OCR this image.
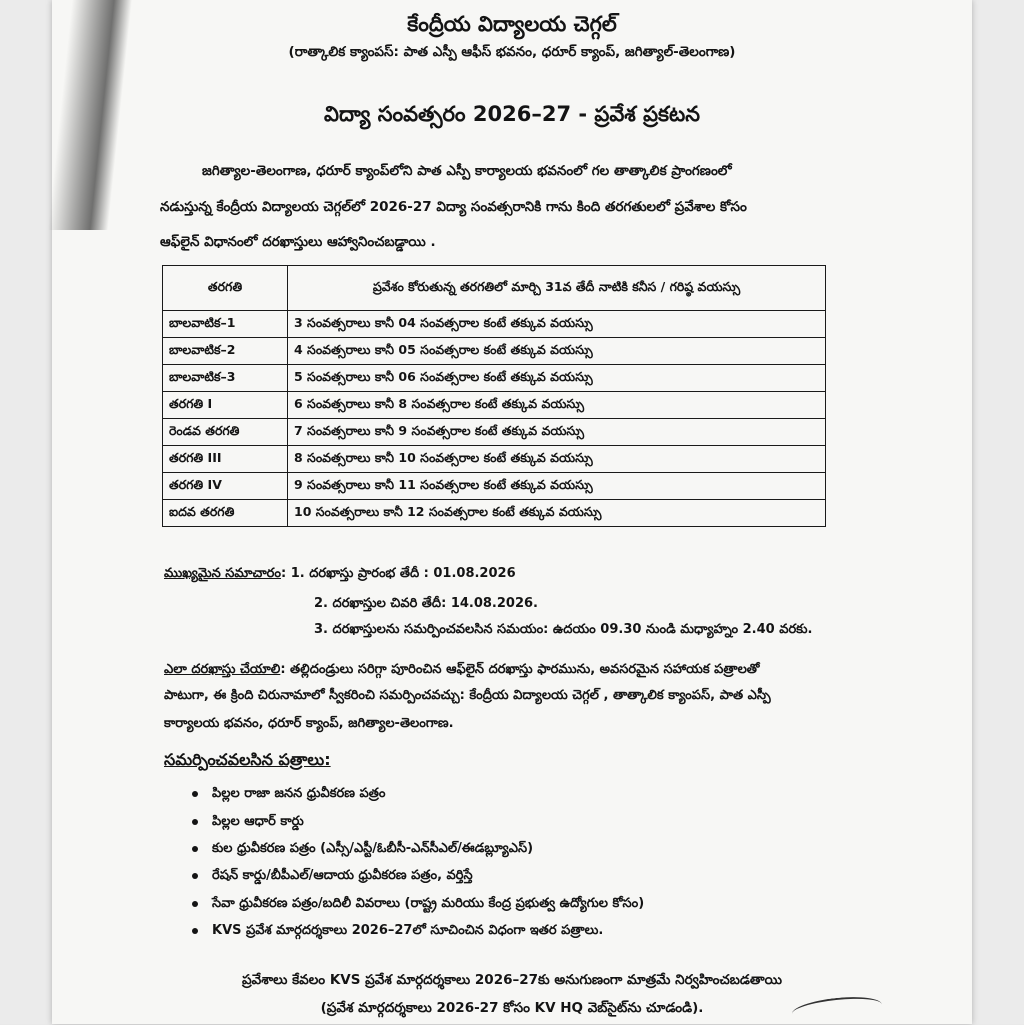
కేంద్రీయ విద్యాలయ చెగ్గల్
(రాత్కాలిక క్యాంపస్: పాత ఎస్పీ ఆఫీస్ భవనం, ధరూర్ క్యాంప్, జగిత్యాల్-తెలంగాణ)
విద్యా సంవత్సరం 2026–27 - ప్రవేశ ప్రకటన
జగిత్యాల-తెలంగాణ, ధరూర్ క్యాంప్‌లోని పాత ఎస్పీ కార్యాలయ భవనంలో గల తాత్కాలిక ప్రాంగణంలో
నడుస్తున్న కేంద్రీయ విద్యాలయ చెగ్గల్‌లో 2026-27 విద్యా సంవత్సరానికి గాను కింది తరగతులలో ప్రవేశాల కోసం
ఆఫ్‌లైన్ విధానంలో దరఖాస్తులు ఆహ్వానించబడ్డాయి .
తరగతి	ప్రవేశం కోరుతున్న తరగతిలో మార్చి 31వ తేదీ నాటికి కనీస / గరిష్ఠ వయస్సు
బాలవాటిక–1	3 సంవత్సరాలు కానీ 04 సంవత్సరాల కంటే తక్కువ వయస్సు
బాలవాటిక–2	4 సంవత్సరాలు కానీ 05 సంవత్సరాల కంటే తక్కువ వయస్సు
బాలవాటిక–3	5 సంవత్సరాలు కానీ 06 సంవత్సరాల కంటే తక్కువ వయస్సు
తరగతి I	6 సంవత్సరాలు కానీ 8 సంవత్సరాల కంటే తక్కువ వయస్సు
రెండవ తరగతి	7 సంవత్సరాలు కానీ 9 సంవత్సరాల కంటే తక్కువ వయస్సు
తరగతి III	8 సంవత్సరాలు కానీ 10 సంవత్సరాల కంటే తక్కువ వయస్సు
తరగతి IV	9 సంవత్సరాలు కానీ 11 సంవత్సరాల కంటే తక్కువ వయస్సు
ఐదవ తరగతి	10 సంవత్సరాలు కానీ 12 సంవత్సరాల కంటే తక్కువ వయస్సు
ముఖ్యమైన సమాచారం: 1. దరఖాస్తు ప్రారంభ తేదీ : 01.08.2026
2. దరఖాస్తుల చివరి తేదీ: 14.08.2026.
3. దరఖాస్తులను సమర్పించవలసిన సమయం: ఉదయం 09.30 నుండి మధ్యాహ్నం 2.40 వరకు.
ఎలా దరఖాస్తు చేయాలి: తల్లిదండ్రులు సరిగ్గా పూరించిన ఆఫ్‌లైన్ దరఖాస్తు ఫారమును, అవసరమైన సహాయక పత్రాలతో
పాటుగా, ఈ క్రింది చిరునామాలో స్వీకరించి సమర్పించవచ్చు: కేంద్రీయ విద్యాలయ చెగ్గల్ , తాత్కాలిక క్యాంపస్, పాత ఎస్పీ
కార్యాలయ భవనం, ధరూర్ క్యాంప్, జగిత్యాల-తెలంగాణ.
సమర్పించవలసిన పత్రాలు:
పిల్లల రాజా జనన ధ్రువీకరణ పత్రం
పిల్లల ఆధార్ కార్డు
కుల ధ్రువీకరణ పత్రం (ఎస్సీ/ఎస్టీ/ఓబీసీ-ఎన్‌సీఎల్/ఈడబ్ల్యూఎస్)
రేషన్ కార్డు/బీపీఎల్/ఆదాయ ధ్రువీకరణ పత్రం, వర్తిస్తే
సేవా ధ్రువీకరణ పత్రం/బదిలీ వివరాలు (రాష్ట్ర మరియు కేంద్ర ప్రభుత్వ ఉద్యోగుల కోసం)
KVS ప్రవేశ మార్గదర్శకాలు 2026–27లో సూచించిన విధంగా ఇతర పత్రాలు.
ప్రవేశాలు కేవలం KVS ప్రవేశ మార్గదర్శకాలు 2026–27కు అనుగుణంగా మాత్రమే నిర్వహించబడతాయి
(ప్రవేశ మార్గదర్శకాలు 2026-27 కోసం KV HQ వెబ్‌సైట్‌ను చూడండి).
